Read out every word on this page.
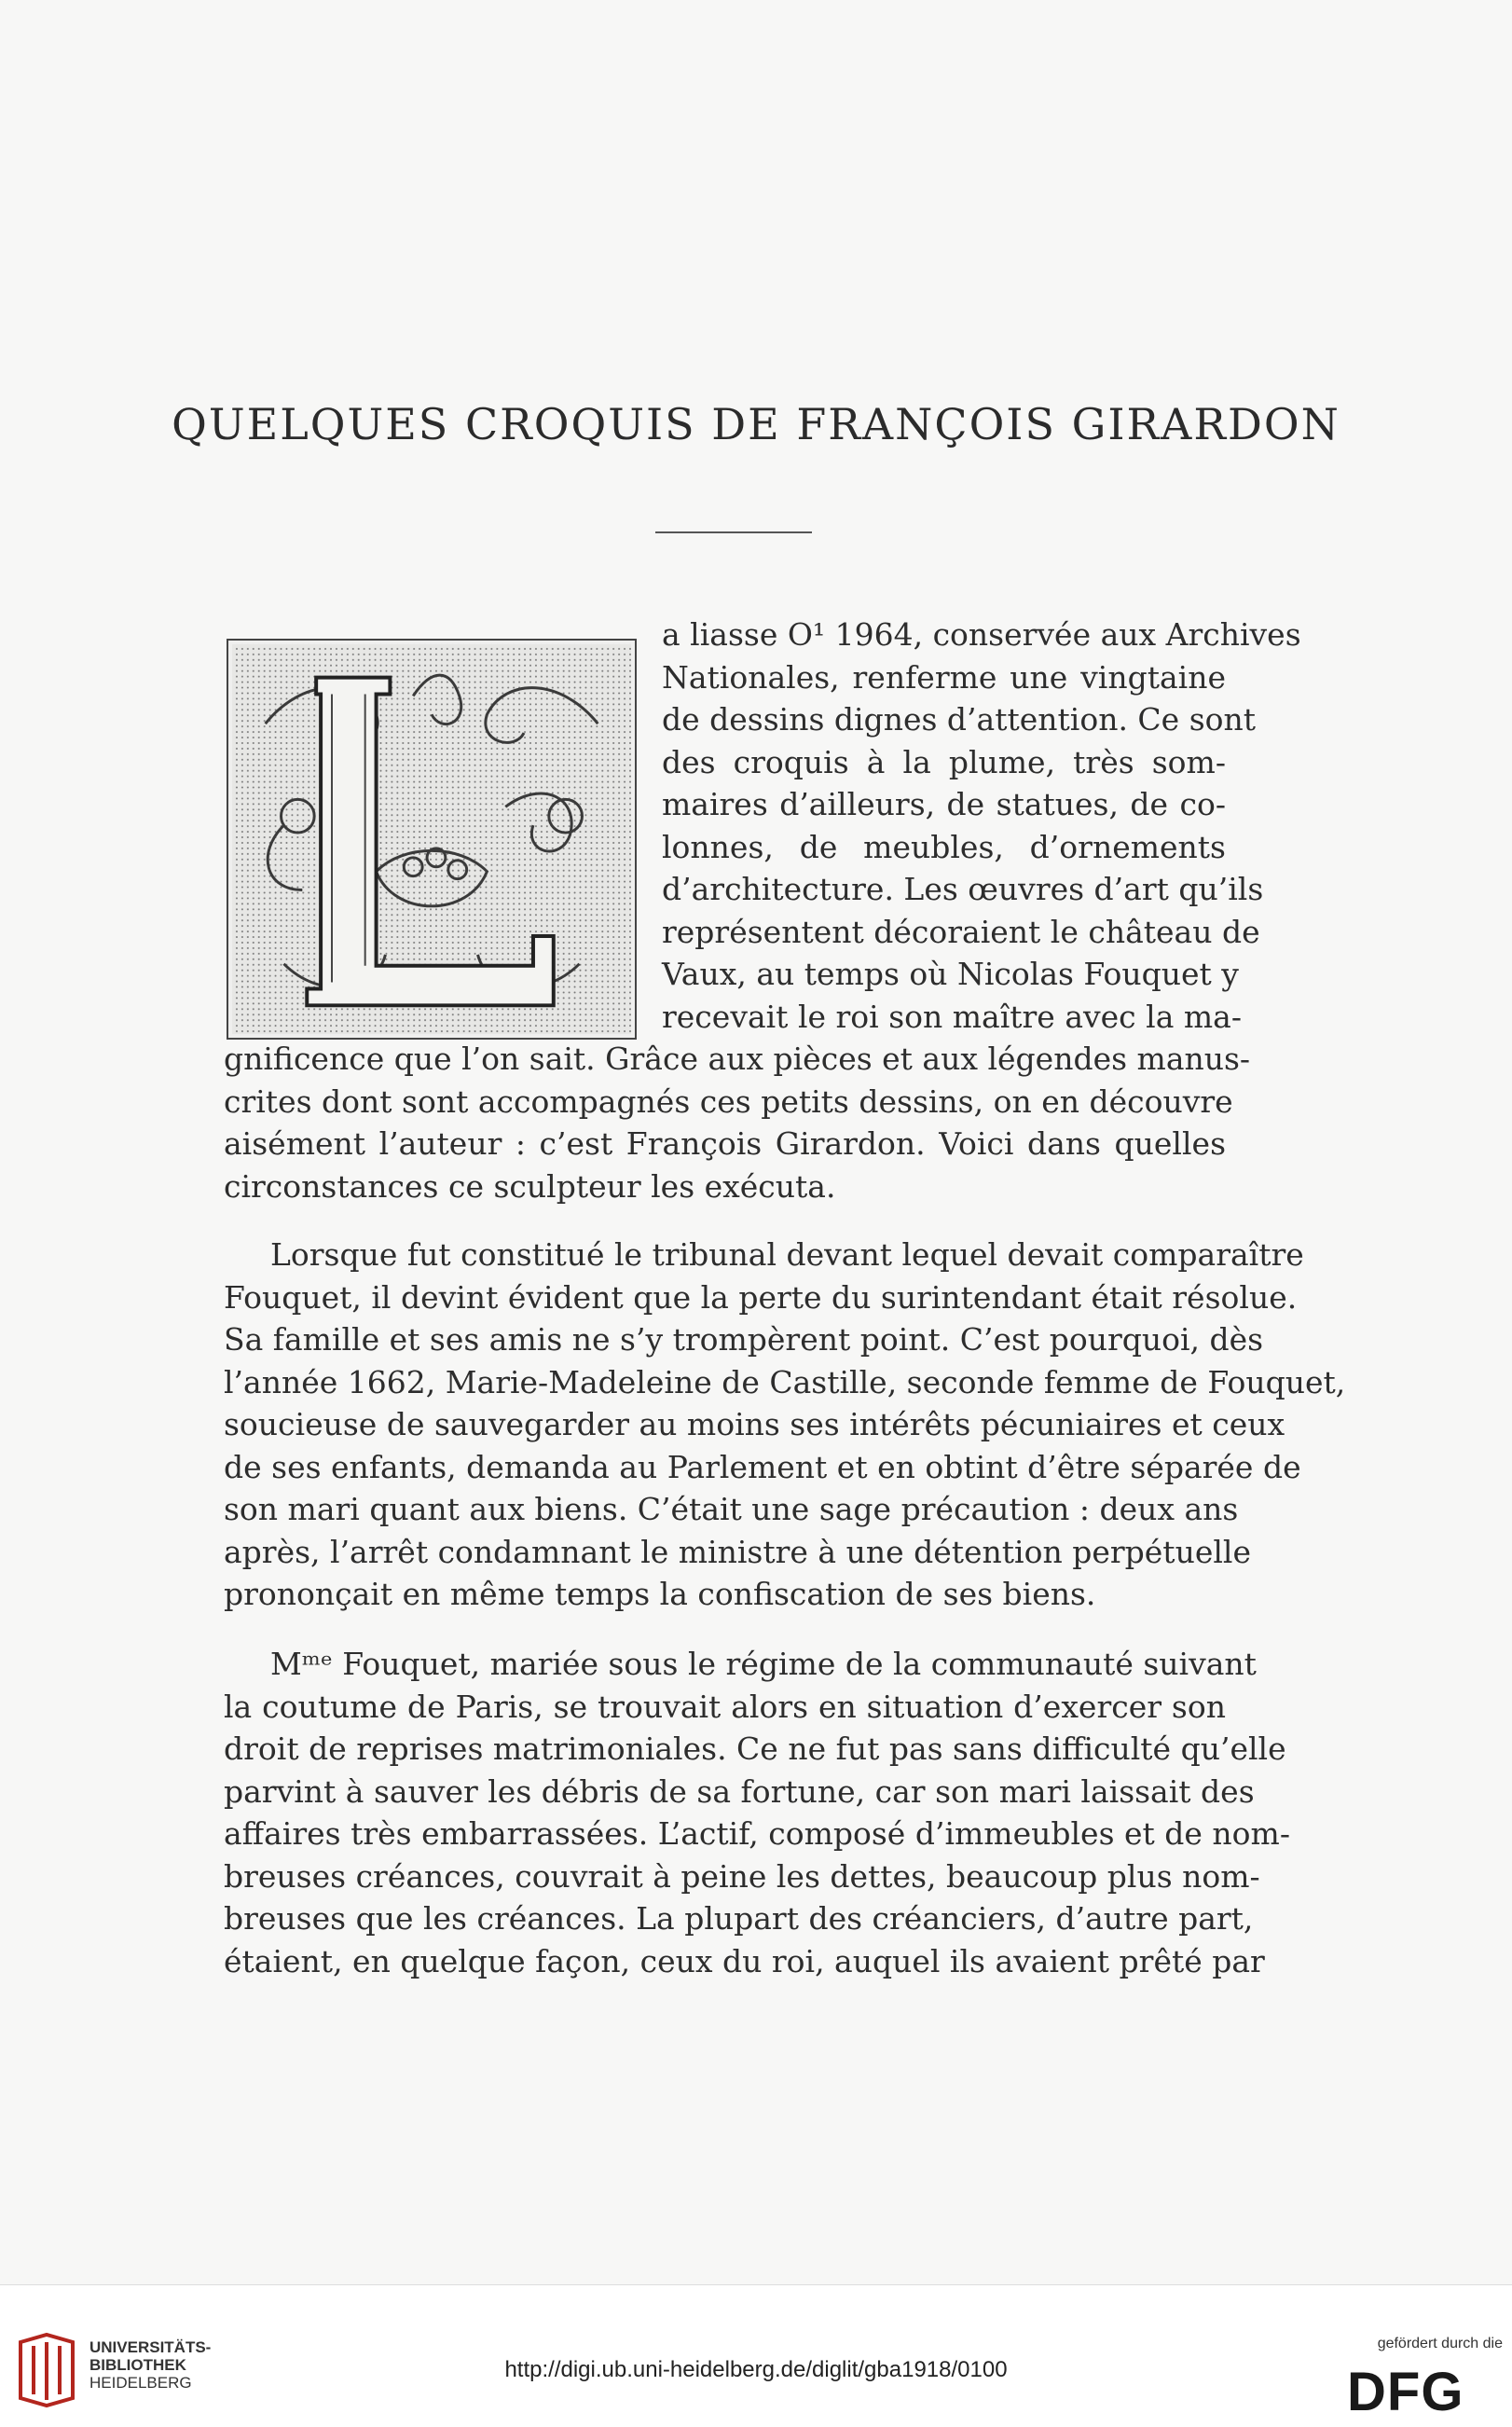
QUELQUES CROQUIS DE FRANÇOIS GIRARDON
a liasse O¹ 1964, conservée aux Archives
Nationales, renferme une vingtaine
de dessins dignes d’attention. Ce sont
des croquis à la plume, très som-
maires d’ailleurs, de statues, de co-
lonnes, de meubles, d’ornements
d’architecture. Les œuvres d’art qu’ils
représentent décoraient le château de
Vaux, au temps où Nicolas Fouquet y
recevait le roi son maître avec la ma-
gnificence que l’on sait. Grâce aux pièces et aux légendes manus-
crites dont sont accompagnés ces petits dessins, on en découvre
aisément l’auteur : c’est François Girardon. Voici dans quelles
circonstances ce sculpteur les exécuta.
Lorsque fut constitué le tribunal devant lequel devait comparaître
Fouquet, il devint évident que la perte du surintendant était résolue.
Sa famille et ses amis ne s’y trompèrent point. C’est pourquoi, dès
l’année 1662, Marie-Madeleine de Castille, seconde femme de Fouquet,
soucieuse de sauvegarder au moins ses intérêts pécuniaires et ceux
de ses enfants, demanda au Parlement et en obtint d’être séparée de
son mari quant aux biens. C’était une sage précaution : deux ans
après, l’arrêt condamnant le ministre à une détention perpétuelle
prononçait en même temps la confiscation de ses biens.
Mᵐᵉ Fouquet, mariée sous le régime de la communauté suivant
la coutume de Paris, se trouvait alors en situation d’exercer son
droit de reprises matrimoniales. Ce ne fut pas sans difficulté qu’elle
parvint à sauver les débris de sa fortune, car son mari laissait des
affaires très embarrassées. L’actif, composé d’immeubles et de nom-
breuses créances, couvrait à peine les dettes, beaucoup plus nom-
breuses que les créances. La plupart des créanciers, d’autre part,
étaient, en quelque façon, ceux du roi, auquel ils avaient prêté par
UNIVERSITÄTS-
BIBLIOTHEK
HEIDELBERG
http://digi.ub.uni-heidelberg.de/diglit/gba1918/0100
gefördert durch die
DFG
